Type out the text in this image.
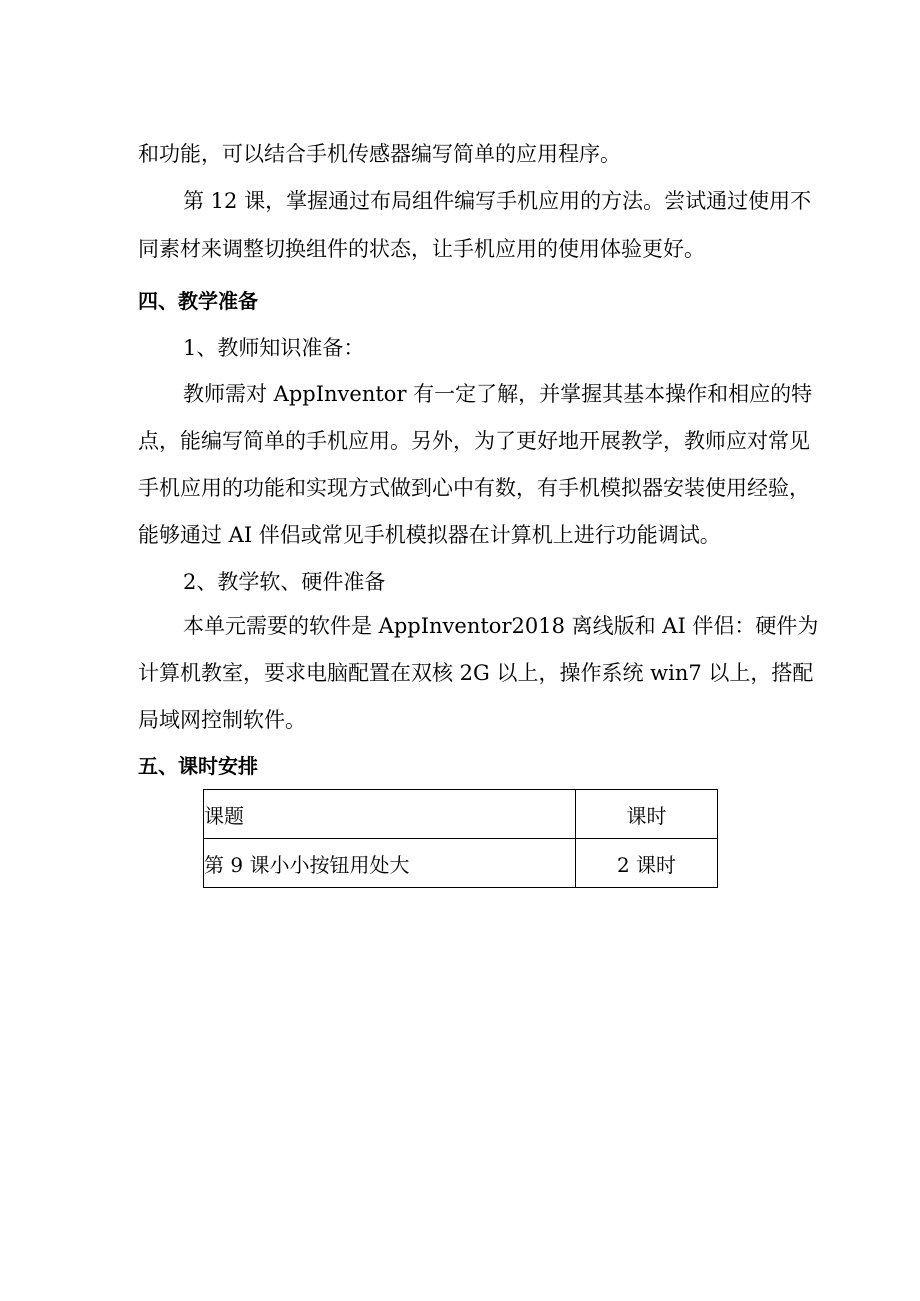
和功能，可以结合手机传感器编写简单的应用程序。
第 12 课，掌握通过布局组件编写手机应用的方法。尝试通过使用不
同素材来调整切换组件的状态，让手机应用的使用体验更好。
四、教学准备
1、教师知识准备：
教师需对 AppInventor 有一定了解，并掌握其基本操作和相应的特
点，能编写简单的手机应用。另外，为了更好地开展教学，教师应对常见
手机应用的功能和实现方式做到心中有数，有手机模拟器安装使用经验，
能够通过 AI 伴侣或常见手机模拟器在计算机上进行功能调试。
2、教学软、硬件准备
本单元需要的软件是 AppInventor2018 离线版和 AI 伴侣：硬件为
计算机教室，要求电脑配置在双核 2G 以上，操作系统 win7 以上，搭配
局域网控制软件。
五、课时安排
课题	课时
第 9 课小小按钮用处大	2 课时
